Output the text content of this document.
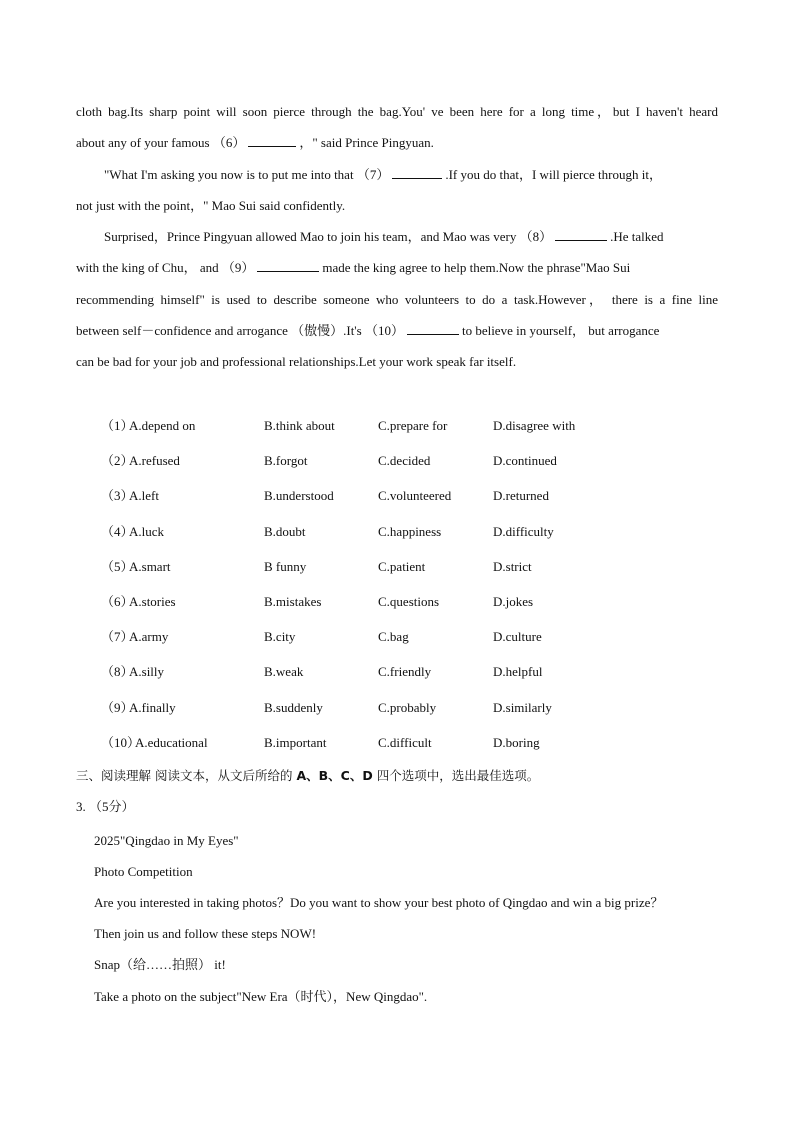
cloth bag.Its sharp point will soon pierce through the bag.You' ve been here for a long time，but I haven't heard
about any of your famous （6）	，" said Prince Pingyuan.
"What I'm asking you now is to put me into that （7）	.If you do that，I will pierce through it，
not just with the point，" Mao Sui said confidently.
Surprised，Prince Pingyuan allowed Mao to join his team，and Mao was very （8）	.He talked
with the king of Chu， and （9）	made the king agree to help them.Now the phrase"Mao Sui
recommending himself" is used to describe someone who volunteers to do a task.However， there is a fine line
between self－confidence and arrogance （傲慢）.It's （10）	to believe in yourself， but arrogance
can be bad for your job and professional relationships.Let your work speak far itself.
（1）
A.depend on	B.think about	C.prepare for	D.disagree with
（2）
A.refused	B.forgot	C.decided	D.continued
（3）
A.left	B.understood	C.volunteered	D.returned
（4）
A.luck	B.doubt	C.happiness	D.difficulty
（5）
A.smart	B funny	C.patient	D.strict
（6）
A.stories	B.mistakes	C.questions	D.jokes
（7）
A.army	B.city	C.bag	D.culture
（8）
A.silly	B.weak	C.friendly	D.helpful
（9）
A.finally	B.suddenly	C.probably	D.similarly
（10）
A.educational	B.important	C.difficult	D.boring
三、阅读理解 阅读文本，从文后所给的 A、B、C、D 四个选项中，选出最佳选项。
3. （5分）
2025"Qingdao in My Eyes"
Photo Competition
Are you interested in taking photos？Do you want to show your best photo of Qingdao and win a big prize？
Then join us and follow these steps NOW!
Snap（给……拍照） it!
Take a photo on the subject"New Era（时代），New Qingdao".
